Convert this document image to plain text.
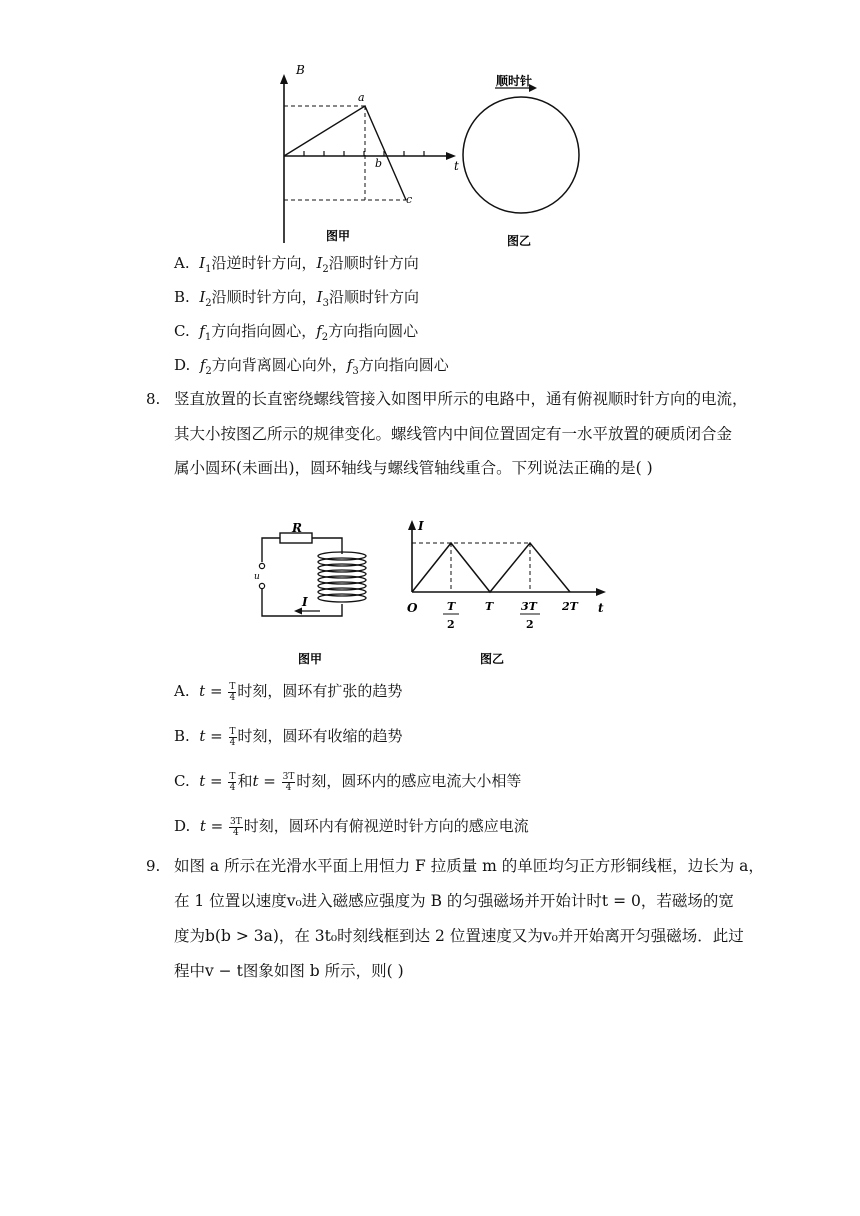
B
t
a
b
c
图甲
顺时针
图乙
A. $I_1$沿逆时针方向，$I_2$沿顺时针方向
B. $I_2$沿顺时针方向，$I_3$沿顺时针方向
C. $f_1$方向指向圆心，$f_2$方向指向圆心
D. $f_2$方向背离圆心向外，$f_3$方向指向圆心
8. 竖直放置的长直密绕螺线管接入如图甲所示的电路中，通有俯视顺时针方向的电流，
其大小按图乙所示的规律变化。螺线管内中间位置固定有一水平放置的硬质闭合金
属小圆环(未画出)，圆环轴线与螺线管轴线重合。下列说法正确的是( )
R
u
I
图甲
I
t
O	T
2
T	3T
2
2T
图乙
A. $t = \frac{T}{4}$ 时刻，圆环有扩张的趋势
B. $t = \frac{T}{4}$ 时刻，圆环有收缩的趋势
C. $t = \frac{T}{4}$ 和$t = \frac{3T}{4}$ 时刻，圆环内的感应电流大小相等
D. $t = \frac{3T}{4}$ 时刻，圆环内有俯视逆时针方向的感应电流
9. 如图 a 所示在光滑水平面上用恒力 F 拉质量 m 的单匝均匀正方形铜线框，边长为 a，
在 1 位置以速度v₀进入磁感应强度为 B 的匀强磁场并开始计时t = 0，若磁场的宽
度为b(b > 3a)，在 3t₀时刻线框到达 2 位置速度又为v₀并开始离开匀强磁场．此过
程中v − t图象如图 b 所示，则( )
